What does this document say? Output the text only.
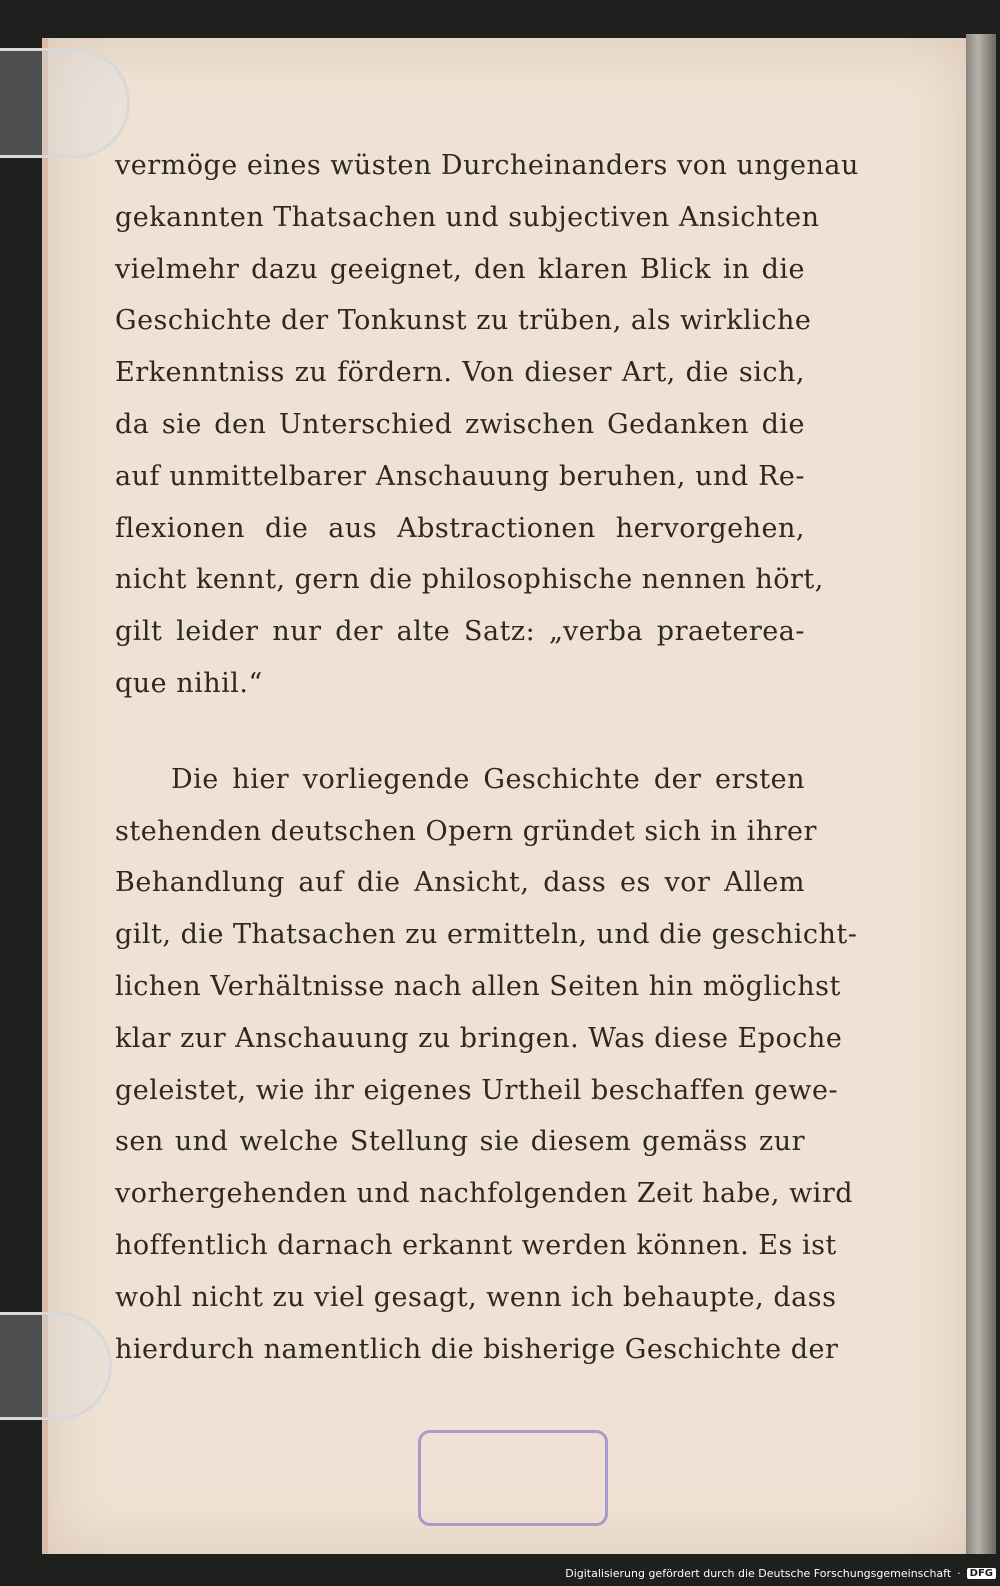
vermöge eines wüsten Durcheinanders von ungenau
gekannten Thatsachen und subjectiven Ansichten
vielmehr dazu geeignet, den klaren Blick in die
Geschichte der Tonkunst zu trüben, als wirkliche
Erkenntniss zu fördern. Von dieser Art, die sich,
da sie den Unterschied zwischen Gedanken die
auf unmittelbarer Anschauung beruhen, und Re-
flexionen die aus Abstractionen hervorgehen,
nicht kennt, gern die philosophische nennen hört,
gilt leider nur der alte Satz: „verba praeterea-
que nihil.“
Die hier vorliegende Geschichte der ersten
stehenden deutschen Opern gründet sich in ihrer
Behandlung auf die Ansicht, dass es vor Allem
gilt, die Thatsachen zu ermitteln, und die geschicht-
lichen Verhältnisse nach allen Seiten hin möglichst
klar zur Anschauung zu bringen. Was diese Epoche
geleistet, wie ihr eigenes Urtheil beschaffen gewe-
sen und welche Stellung sie diesem gemäss zur
vorhergehenden und nachfolgenden Zeit habe, wird
hoffentlich darnach erkannt werden können. Es ist
wohl nicht zu viel gesagt, wenn ich behaupte, dass
hierdurch namentlich die bisherige Geschichte der
Digitalisierung gefördert durch die Deutsche Forschungsgemeinschaft · DFG
